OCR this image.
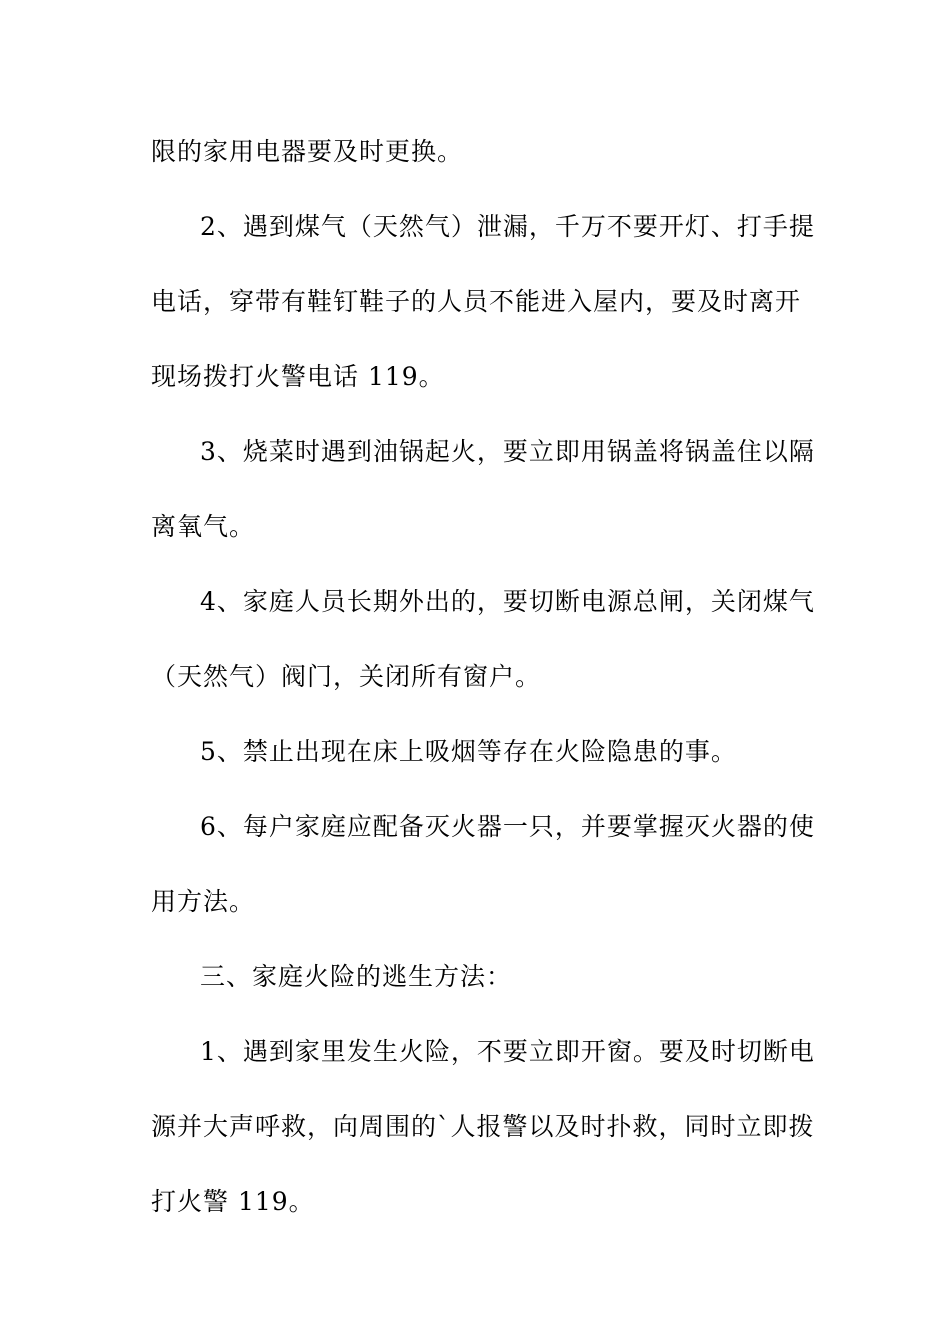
限的家用电器要及时更换。
2、遇到煤气（天然气）泄漏，千万不要开灯、打手提
电话，穿带有鞋钉鞋子的人员不能进入屋内，要及时离开
现场拨打火警电话 119。
3、烧菜时遇到油锅起火，要立即用锅盖将锅盖住以隔
离氧气。
4、家庭人员长期外出的，要切断电源总闸，关闭煤气
（天然气）阀门，关闭所有窗户。
5、禁止出现在床上吸烟等存在火险隐患的事。
6、每户家庭应配备灭火器一只，并要掌握灭火器的使
用方法。
三、家庭火险的逃生方法：
1、遇到家里发生火险，不要立即开窗。要及时切断电
源并大声呼救，向周围的`人报警以及时扑救，同时立即拨
打火警 119。
